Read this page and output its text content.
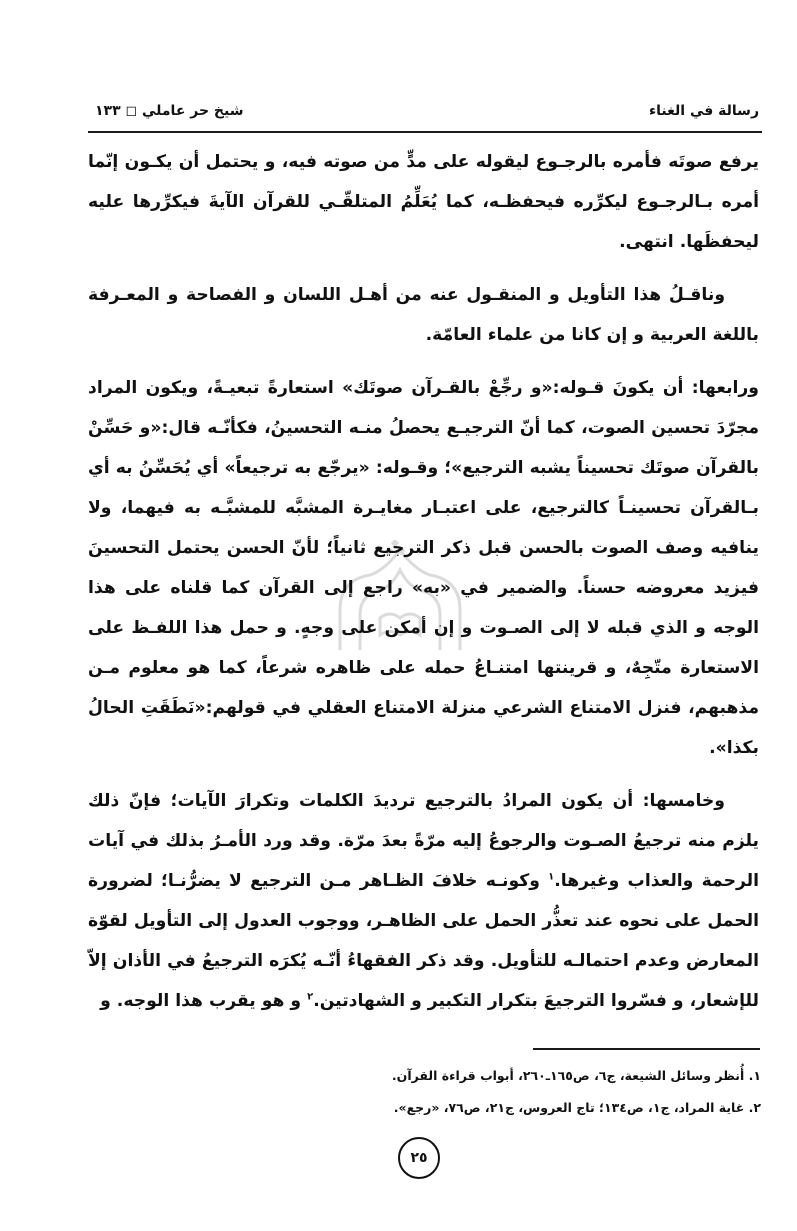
رسالة في الغناء
شيخ حر عاملي ◻ ١٣٣

يرفع صوتَه فأمره بالرجـوع ليقوله على مدٍّ من صوته فيه، و يحتمل أن يكـون إنّما أمره بـالرجـوع ليكرِّره فيحفظـه، كما يُعَلِّمُ المتلقّـي للقرآن الآيةَ فيكرِّرها عليه ليحفظَها. انتهى.

وناقـلُ هذا التأويل و المنقـول عنه من أهـل اللسان و الفصاحة و المعـرفة باللغة العربية و إن كانا من علماء العامّة.

ورابعها: أن يكونَ قـوله:«و رجِّعْ بالقـرآن صوتَك» استعارةً تبعيـةً، ويكون المراد مجرّدَ تحسين الصوت، كما أنّ الترجيـع يحصلُ منـه التحسينُ، فكأنّـه قال:«و حَسِّنْ بالقرآن صوتَك تحسيناً يشبه الترجيع»؛ وقـوله: «يرجّع به ترجيعاً» أي يُحَسِّنُ به أي بـالقرآن تحسينـاً كالترجيع، على اعتبـار مغايـرة المشبَّه للمشبَّـه به فيهما، ولا ينافيه وصف الصوت بالحسن قبل ذكر الترجيع ثانياً؛ لأنّ الحسن يحتمل التحسينَ فيزيد معروضه حسناً. والضمير في «به» راجع إلى القرآن كما قلناه على هذا الوجه و الذي قبله لا إلى الصـوت و إن أمكن على وجهٍ. و حمل هذا اللفـظ على الاستعارة متّجِهٌ، و قرينتها امتنـاعُ حمله على ظاهره شرعاً، كما هو معلوم مـن مذهبهم، فنزل الامتناع الشرعي منزلة الامتناع العقلي في قولهم:«نَطَقَتِ الحالُ بكذا».

وخامسها: أن يكون المرادُ بالترجيع ترديدَ الكلمات وتكرارَ الآيات؛ فإنّ ذلك يلزم منه ترجيعُ الصـوت والرجوعُ إليه مرّةً بعدَ مرّة. وقد ورد الأمـرُ بذلك في آيات الرحمة والعذاب وغيرها.$^١$ وكونـه خلافَ الظـاهر مـن الترجيع لا يضرُّنـا؛ لضرورة الحمل على نحوه عند تعذُّر الحمل على الظاهـر، ووجوب العدول إلى التأويل لقوّة المعارض وعدم احتمالـه للتأويل. وقد ذكر الفقهاءُ أنّـه يُكرَه الترجيعُ في الأذان إلاّ للإشعار، و فسّروا الترجيعَ بتكرار التكبير و الشهادتين.$^٢$ و هو يقرب هذا الوجه. و

١. أُنظر وسائل الشيعة، ج٦، ص١٦٥ـ٢٦٠، أبواب قراءة القرآن.
٢. غاية المراد، ج١، ص١٣٤؛ تاج العروس، ج٢١، ص٧٦، «رجع».
٢٥
